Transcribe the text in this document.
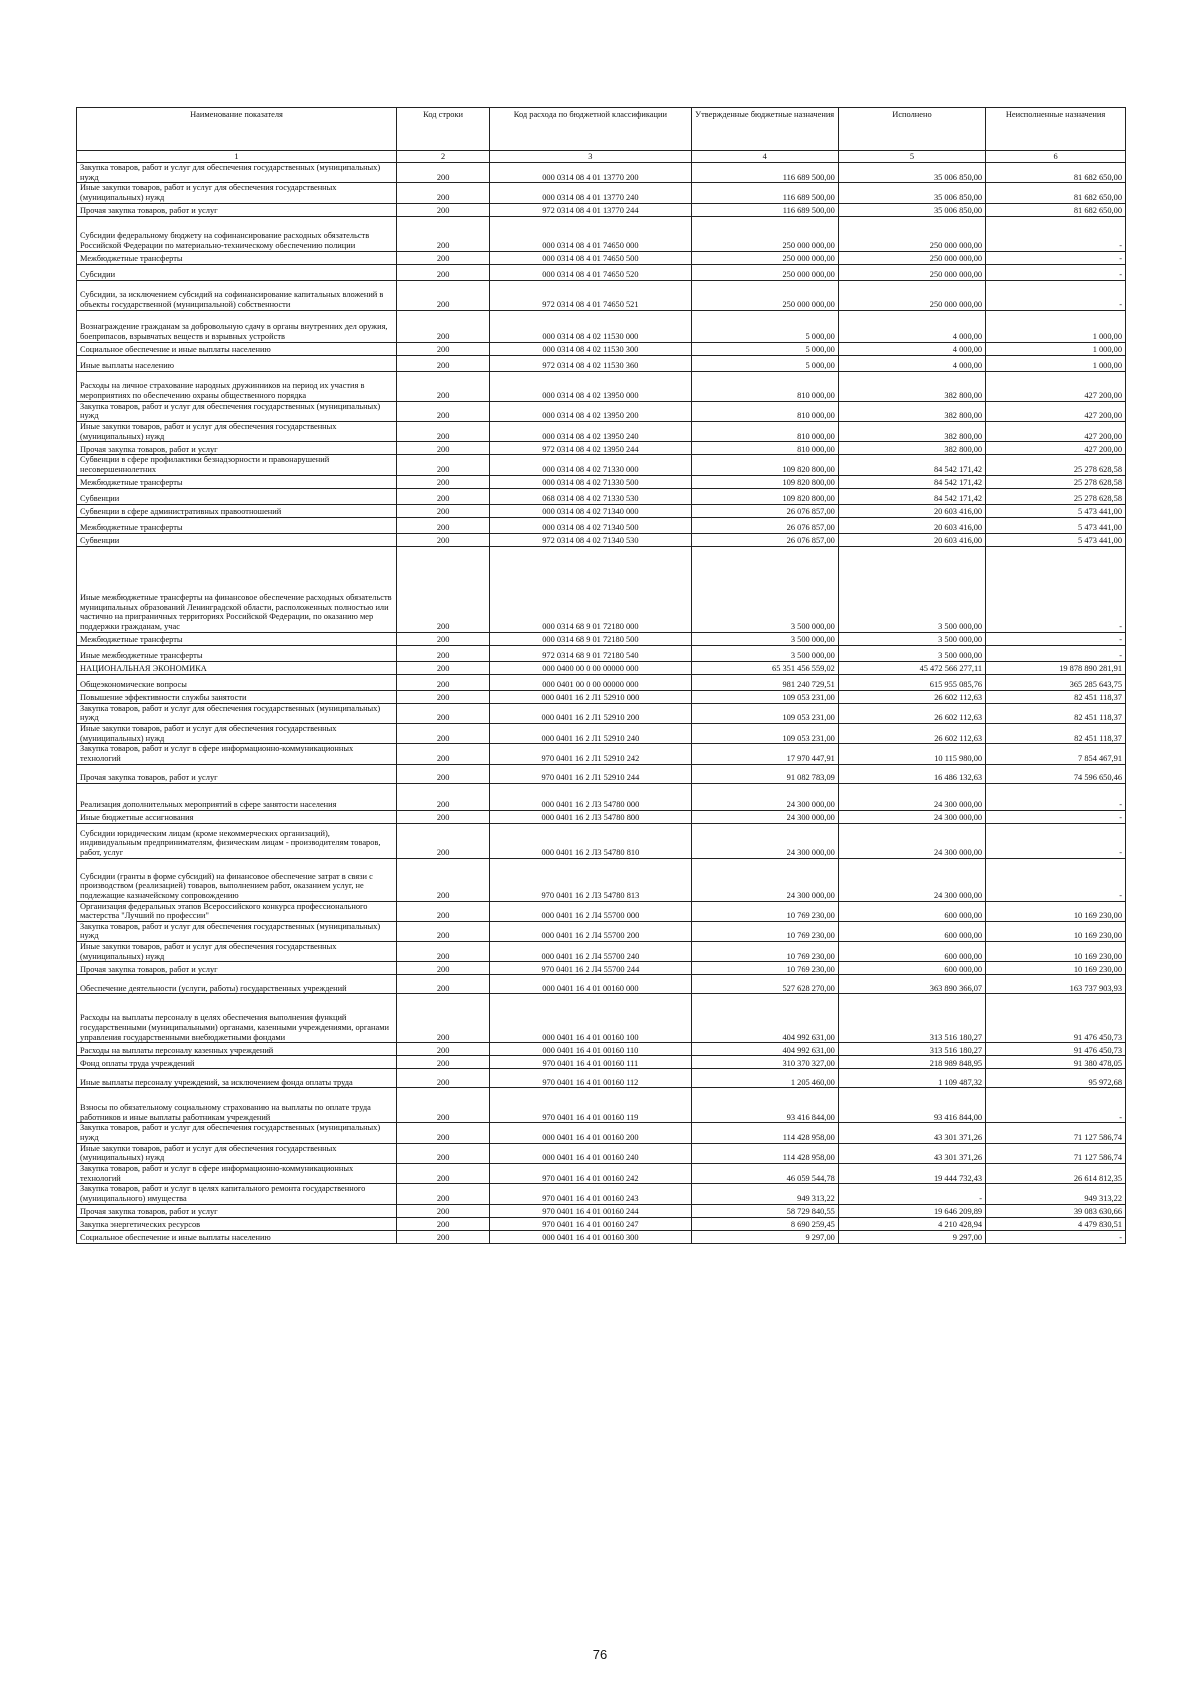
Наименование показателя	Код строки	Код расхода по бюджетной классификации	Утвержденные бюджетные назначения	Исполнено	Неисполненные назначения
1	2	3	4	5	6
Закупка товаров, работ и услуг для обеспечения государственных (муниципальных) нужд	200	000 0314 08 4 01 13770 200	116 689 500,00	35 006 850,00	81 682 650,00
Иные закупки товаров, работ и услуг для обеспечения государственных (муниципальных) нужд	200	000 0314 08 4 01 13770 240	116 689 500,00	35 006 850,00	81 682 650,00
Прочая закупка товаров, работ и услуг	200	972 0314 08 4 01 13770 244	116 689 500,00	35 006 850,00	81 682 650,00
Субсидии федеральному бюджету на софинансирование расходных обязательств Российской Федерации по материально-техническому обеспечению полиции	200	000 0314 08 4 01 74650 000	250 000 000,00	250 000 000,00	-
Межбюджетные трансферты	200	000 0314 08 4 01 74650 500	250 000 000,00	250 000 000,00	-
Субсидии	200	000 0314 08 4 01 74650 520	250 000 000,00	250 000 000,00	-
Субсидии, за исключением субсидий на софинансирование капитальных вложений в объекты государственной (муниципальной) собственности	200	972 0314 08 4 01 74650 521	250 000 000,00	250 000 000,00	-
Вознаграждение гражданам за добровольную сдачу в органы внутренних дел оружия, боеприпасов, взрывчатых веществ и взрывных устройств	200	000 0314 08 4 02 11530 000	5 000,00	4 000,00	1 000,00
Социальное обеспечение и иные выплаты населению	200	000 0314 08 4 02 11530 300	5 000,00	4 000,00	1 000,00
Иные выплаты населению	200	972 0314 08 4 02 11530 360	5 000,00	4 000,00	1 000,00
Расходы на личное страхование народных дружинников на период их участия в мероприятиях по обеспечению охраны общественного порядка	200	000 0314 08 4 02 13950 000	810 000,00	382 800,00	427 200,00
Закупка товаров, работ и услуг для обеспечения государственных (муниципальных) нужд	200	000 0314 08 4 02 13950 200	810 000,00	382 800,00	427 200,00
Иные закупки товаров, работ и услуг для обеспечения государственных (муниципальных) нужд	200	000 0314 08 4 02 13950 240	810 000,00	382 800,00	427 200,00
Прочая закупка товаров, работ и услуг	200	972 0314 08 4 02 13950 244	810 000,00	382 800,00	427 200,00
Субвенции в сфере профилактики безнадзорности и правонарушений несовершеннолетних	200	000 0314 08 4 02 71330 000	109 820 800,00	84 542 171,42	25 278 628,58
Межбюджетные трансферты	200	000 0314 08 4 02 71330 500	109 820 800,00	84 542 171,42	25 278 628,58
Субвенции	200	068 0314 08 4 02 71330 530	109 820 800,00	84 542 171,42	25 278 628,58
Субвенции в сфере административных правоотношений	200	000 0314 08 4 02 71340 000	26 076 857,00	20 603 416,00	5 473 441,00
Межбюджетные трансферты	200	000 0314 08 4 02 71340 500	26 076 857,00	20 603 416,00	5 473 441,00
Субвенции	200	972 0314 08 4 02 71340 530	26 076 857,00	20 603 416,00	5 473 441,00
Иные межбюджетные трансферты на финансовое обеспечение расходных обязательств муниципальных образований Ленинградской области, расположенных полностью или частично на приграничных территориях Российской Федерации, по оказанию мер поддержки гражданам, учас	200	000 0314 68 9 01 72180 000	3 500 000,00	3 500 000,00	-
Межбюджетные трансферты	200	000 0314 68 9 01 72180 500	3 500 000,00	3 500 000,00	-
Иные межбюджетные трансферты	200	972 0314 68 9 01 72180 540	3 500 000,00	3 500 000,00	-
НАЦИОНАЛЬНАЯ ЭКОНОМИКА	200	000 0400 00 0 00 00000 000	65 351 456 559,02	45 472 566 277,11	19 878 890 281,91
Общеэкономические вопросы	200	000 0401 00 0 00 00000 000	981 240 729,51	615 955 085,76	365 285 643,75
Повышение эффективности службы занятости	200	000 0401 16 2 Л1 52910 000	109 053 231,00	26 602 112,63	82 451 118,37
Закупка товаров, работ и услуг для обеспечения государственных (муниципальных) нужд	200	000 0401 16 2 Л1 52910 200	109 053 231,00	26 602 112,63	82 451 118,37
Иные закупки товаров, работ и услуг для обеспечения государственных (муниципальных) нужд	200	000 0401 16 2 Л1 52910 240	109 053 231,00	26 602 112,63	82 451 118,37
Закупка товаров, работ и услуг в сфере информационно-коммуникационных технологий	200	970 0401 16 2 Л1 52910 242	17 970 447,91	10 115 980,00	7 854 467,91
Прочая закупка товаров, работ и услуг	200	970 0401 16 2 Л1 52910 244	91 082 783,09	16 486 132,63	74 596 650,46
Реализация дополнительных мероприятий в сфере занятости населения	200	000 0401 16 2 Л3 54780 000	24 300 000,00	24 300 000,00	-
Иные бюджетные ассигнования	200	000 0401 16 2 Л3 54780 800	24 300 000,00	24 300 000,00	-
Субсидии юридическим лицам (кроме некоммерческих организаций), индивидуальным предпринимателям, физическим лицам - производителям товаров, работ, услуг	200	000 0401 16 2 Л3 54780 810	24 300 000,00	24 300 000,00	-
Субсидии (гранты в форме субсидий) на финансовое обеспечение затрат в связи с производством (реализацией) товаров, выполнением работ, оказанием услуг, не подлежащие казначейскому сопровождению	200	970 0401 16 2 Л3 54780 813	24 300 000,00	24 300 000,00	-
Организация федеральных этапов Всероссийского конкурса профессионального мастерства "Лучший по профессии"	200	000 0401 16 2 Л4 55700 000	10 769 230,00	600 000,00	10 169 230,00
Закупка товаров, работ и услуг для обеспечения государственных (муниципальных) нужд	200	000 0401 16 2 Л4 55700 200	10 769 230,00	600 000,00	10 169 230,00
Иные закупки товаров, работ и услуг для обеспечения государственных (муниципальных) нужд	200	000 0401 16 2 Л4 55700 240	10 769 230,00	600 000,00	10 169 230,00
Прочая закупка товаров, работ и услуг	200	970 0401 16 2 Л4 55700 244	10 769 230,00	600 000,00	10 169 230,00
Обеспечение деятельности (услуги, работы) государственных учреждений	200	000 0401 16 4 01 00160 000	527 628 270,00	363 890 366,07	163 737 903,93
Расходы на выплаты персоналу в целях обеспечения выполнения функций государственными (муниципальными) органами, казенными учреждениями, органами управления государственными внебюджетными фондами	200	000 0401 16 4 01 00160 100	404 992 631,00	313 516 180,27	91 476 450,73
Расходы на выплаты персоналу казенных учреждений	200	000 0401 16 4 01 00160 110	404 992 631,00	313 516 180,27	91 476 450,73
Фонд оплаты труда учреждений	200	970 0401 16 4 01 00160 111	310 370 327,00	218 989 848,95	91 380 478,05
Иные выплаты персоналу учреждений, за исключением фонда оплаты труда	200	970 0401 16 4 01 00160 112	1 205 460,00	1 109 487,32	95 972,68
Взносы по обязательному социальному страхованию на выплаты по оплате труда работников и иные выплаты работникам учреждений	200	970 0401 16 4 01 00160 119	93 416 844,00	93 416 844,00	-
Закупка товаров, работ и услуг для обеспечения государственных (муниципальных) нужд	200	000 0401 16 4 01 00160 200	114 428 958,00	43 301 371,26	71 127 586,74
Иные закупки товаров, работ и услуг для обеспечения государственных (муниципальных) нужд	200	000 0401 16 4 01 00160 240	114 428 958,00	43 301 371,26	71 127 586,74
Закупка товаров, работ и услуг в сфере информационно-коммуникационных технологий	200	970 0401 16 4 01 00160 242	46 059 544,78	19 444 732,43	26 614 812,35
Закупка товаров, работ и услуг в целях капитального ремонта государственного (муниципального) имущества	200	970 0401 16 4 01 00160 243	949 313,22	-	949 313,22
Прочая закупка товаров, работ и услуг	200	970 0401 16 4 01 00160 244	58 729 840,55	19 646 209,89	39 083 630,66
Закупка энергетических ресурсов	200	970 0401 16 4 01 00160 247	8 690 259,45	4 210 428,94	4 479 830,51
Социальное обеспечение и иные выплаты населению	200	000 0401 16 4 01 00160 300	9 297,00	9 297,00	-
76
